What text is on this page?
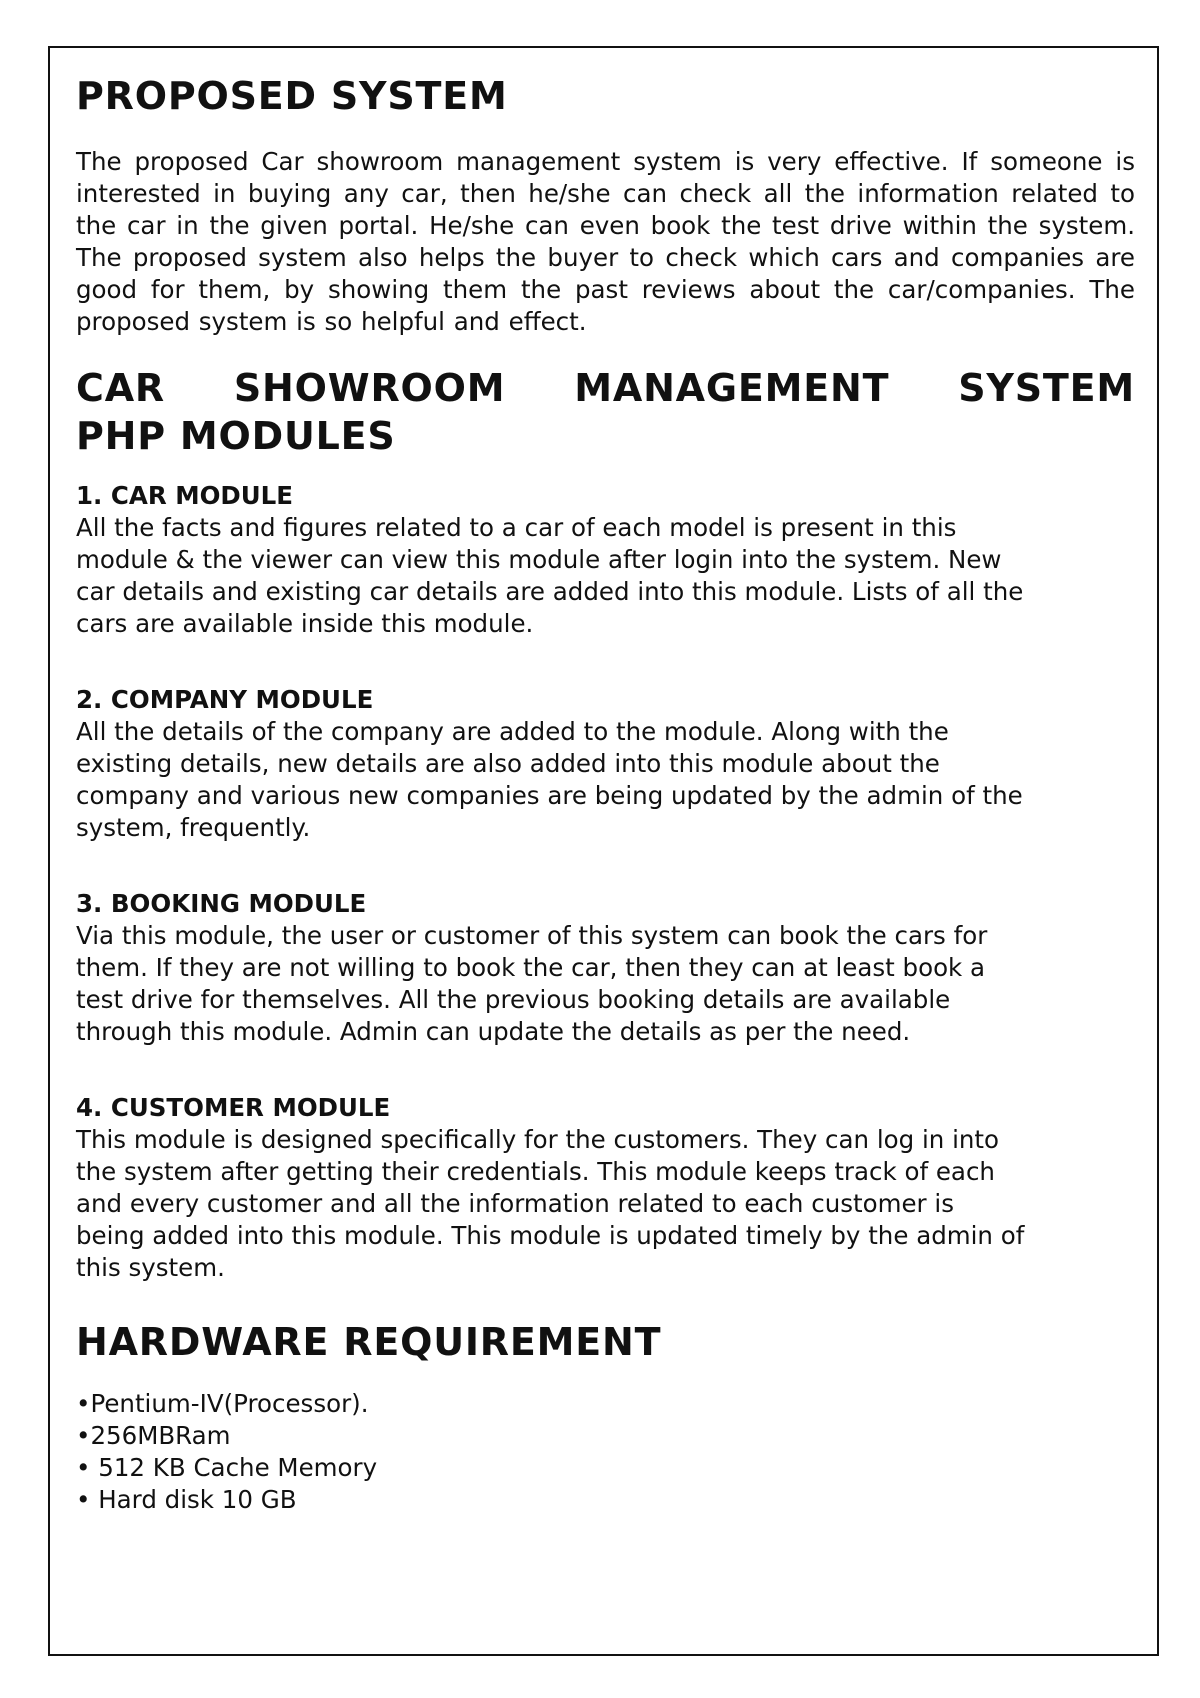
PROPOSED SYSTEM

The proposed Car showroom management system is very effective. If someone is interested in buying any car, then he/she can check all the information related to the car in the given portal. He/she can even book the test drive within the system. The proposed system also helps the buyer to check which cars and companies are good for them, by showing them the past reviews about the car/companies. The proposed system is so helpful and effect.

CAR SHOWROOM MANAGEMENT SYSTEM
PHP MODULES
1. CAR MODULE

All the facts and figures related to a car of each model is present in this

module & the viewer can view this module after login into the system. New

car details and existing car details are added into this module. Lists of all the

cars are available inside this module.

2. COMPANY MODULE

All the details of the company are added to the module. Along with the

existing details, new details are also added into this module about the

company and various new companies are being updated by the admin of the

system, frequently.

3. BOOKING MODULE

Via this module, the user or customer of this system can book the cars for

them. If they are not willing to book the car, then they can at least book a

test drive for themselves. All the previous booking details are available

through this module. Admin can update the details as per the need.

4. CUSTOMER MODULE

This module is designed specifically for the customers. They can log in into

the system after getting their credentials. This module keeps track of each

and every customer and all the information related to each customer is

being added into this module. This module is updated timely by the admin of

this system.

HARDWARE REQUIREMENT
•Pentium-IV(Processor).
•256MBRam
• 512 KB Cache Memory
• Hard disk 10 GB
